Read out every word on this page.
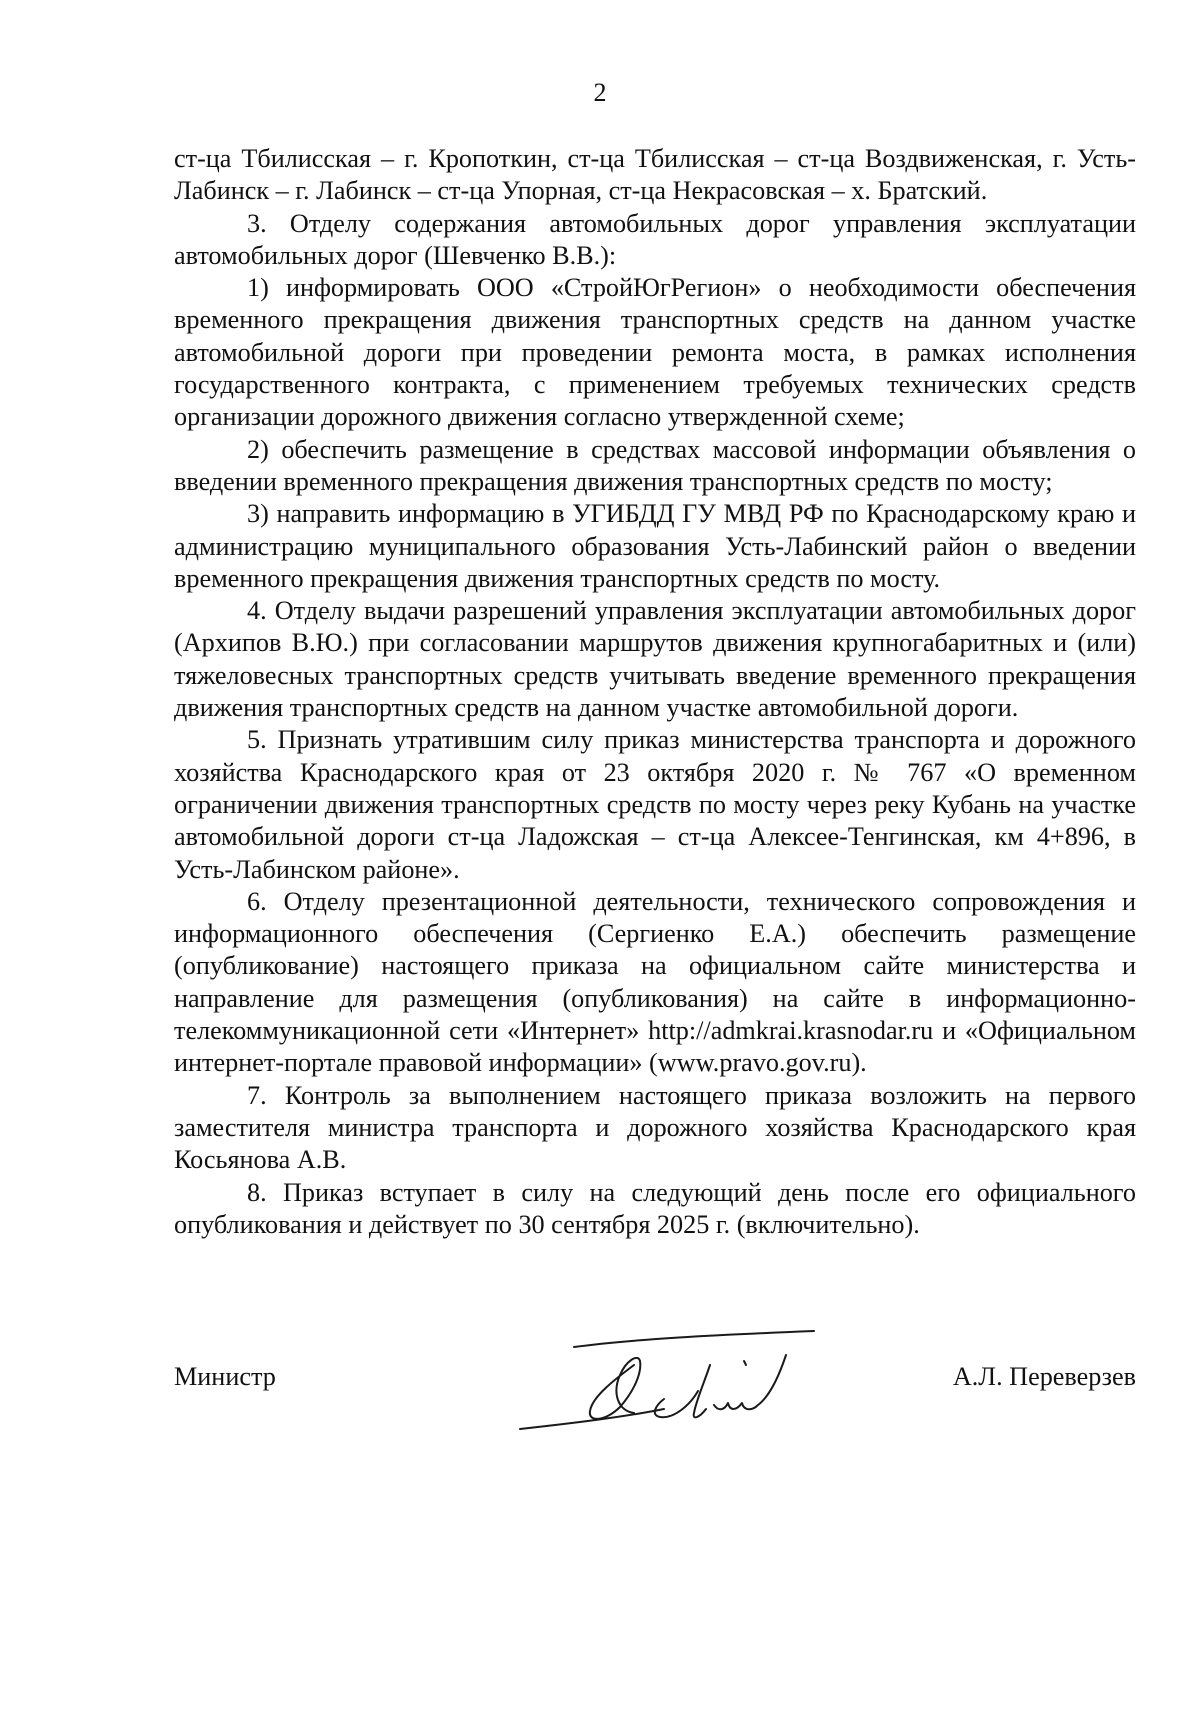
2

ст-ца Тбилисская – г. Кропоткин, ст-ца Тбилисская – ст-ца Воздвиженская, г. Усть-Лабинск – г. Лабинск – ст-ца Упорная, ст-ца Некрасовская – х. Братский.

3. Отделу содержания автомобильных дорог управления эксплуатации автомобильных дорог (Шевченко В.В.):

1) информировать ООО «СтройЮгРегион» о необходимости обеспечения временного прекращения движения транспортных средств на данном участке автомобильной дороги при проведении ремонта моста, в рамках исполнения государственного контракта, с применением требуемых технических средств организации дорожного движения согласно утвержденной схеме;

2) обеспечить размещение в средствах массовой информации объявления о введении временного прекращения движения транспортных средств по мосту;

3) направить информацию в УГИБДД ГУ МВД РФ по Краснодарскому краю и администрацию муниципального образования Усть-Лабинский район о введении временного прекращения движения транспортных средств по мосту.

4. Отделу выдачи разрешений управления эксплуатации автомобильных дорог (Архипов В.Ю.) при согласовании маршрутов движения крупногабаритных и (или) тяжеловесных транспортных средств учитывать введение временного прекращения движения транспортных средств на данном участке автомобильной дороги.

5. Признать утратившим силу приказ министерства транспорта и дорожного хозяйства Краснодарского края от 23 октября 2020 г. № 767 «О временном ограничении движения транспортных средств по мосту через реку Кубань на участке автомобильной дороги ст-ца Ладожская – ст-ца Алексее-Тенгинская, км 4+896, в Усть-Лабинском районе».

6. Отделу презентационной деятельности, технического сопровождения и информационного обеспечения (Сергиенко Е.А.) обеспечить размещение (опубликование) настоящего приказа на официальном сайте министерства и направление для размещения (опубликования) на сайте в информационно-телекоммуникационной сети «Интернет» http://admkrai.krasnodar.ru и «Официальном интернет-портале правовой информации» (www.pravo.gov.ru).

7. Контроль за выполнением настоящего приказа возложить на первого заместителя министра транспорта и дорожного хозяйства Краснодарского края Косьянова А.В.

8. Приказ вступает в силу на следующий день после его официального опубликования и действует по 30 сентября 2025 г. (включительно).

Министр	А.Л. Переверзев
